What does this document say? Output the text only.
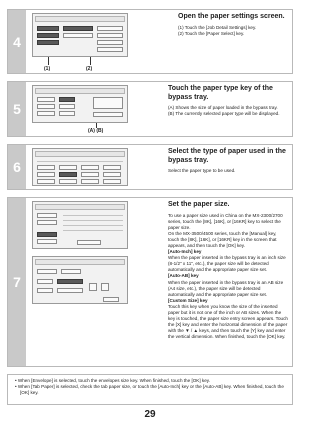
4
(1)	(2)

Open the paper settings screen.

(1) Touch the [Job Detail Settings] key.

(2) Touch the [Paper Select] key.

5
(A) (B)

Touch the paper type key of the bypass tray.

(A) Shows the size of paper loaded in the bypass tray.

(B) The currently selected paper type will be displayed.

6

Select the type of paper used in the bypass tray.

Select the paper type to be used.

7

Set the paper size.

To use a paper size used in China on the MX-2300/2700 series, touch the [8K], [16K], or [16KR] key to select the paper size.

On the MX-3500/4500 series, touch the [Manual] key, touch the [8K], [16K], or [16KR] key in the screen that appears, and then touch the [OK] key.

[Auto-Inch] key

When the paper inserted in the bypass tray is an inch size (8-1/2" x 11", etc.), the paper size will be detected automatically and the appropriate paper size set.

[Auto-AB] key

When the paper inserted in the bypass tray is an AB size (A4 size, etc.), the paper size will be detected automatically and the appropriate paper size set.

[Custom Size] key

Touch this key when you know the size of the inserted paper but it is not one of the inch or AB sizes. When the key is touched, the paper size entry screen appears. Touch the [X] key and enter the horizontal dimension of the paper with the ▼ / ▲ keys, and then touch the [Y] key and enter the vertical dimension. When finished, touch the [OK] key.

• When [Envelope] is selected, touch the envelopes size key. When finished, touch the [OK] key.

• When [Tab Paper] is selected, check the tab paper size, or touch the [Auto-Inch] key or the [Auto-AB] key. When finished, touch the [OK] key.

29
